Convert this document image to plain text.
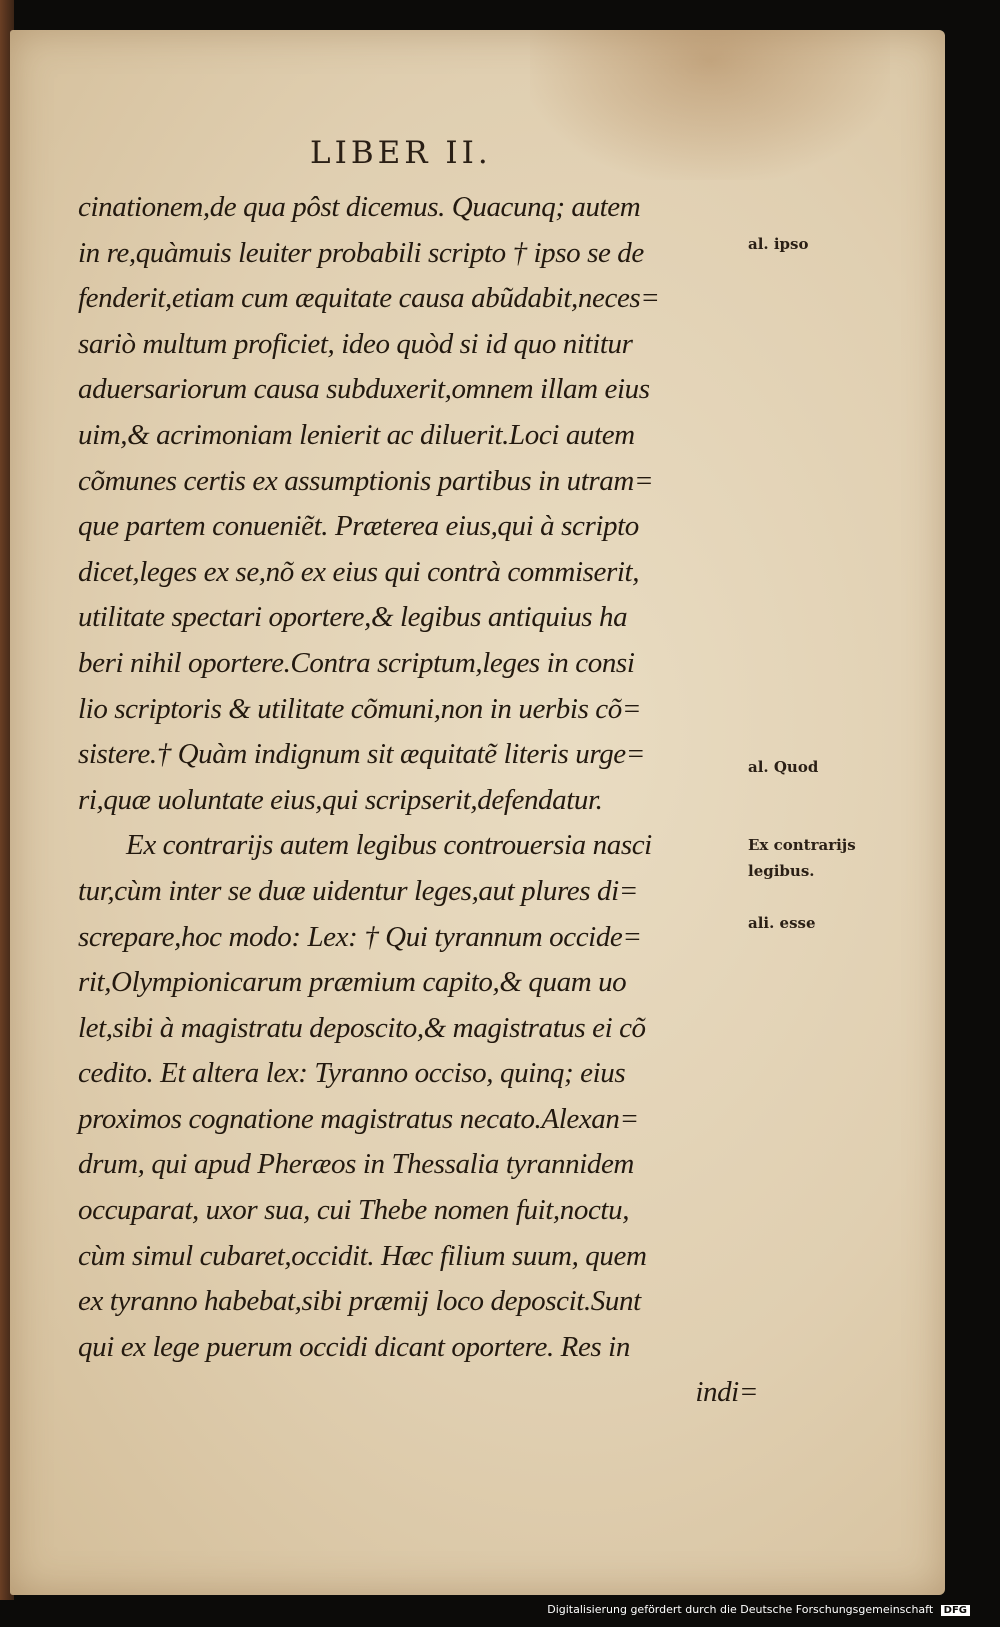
LIBER II.
cinationem,de qua pôst dicemus. Quacunq; autem
in re,quàmuis leuiter probabili scripto † ipso se de
fenderit,etiam cum æquitate causa abũdabit,neces=
sariò multum proficiet, ideo quòd si id quo nititur
aduersariorum causa subduxerit,omnem illam eius
uim,& acrimoniam lenierit ac diluerit.Loci autem
cõmunes certis ex assumptionis partibus in utram=
que partem conueniẽt. Præterea eius,qui à scripto
dicet,leges ex se,nõ ex eius qui contrà commiserit,
utilitate spectari oportere,& legibus antiquius ha
beri nihil oportere.Contra scriptum,leges in consi
lio scriptoris & utilitate cõmuni,non in uerbis cõ=
sistere.† Quàm indignum sit æquitatẽ literis urge=
ri,quæ uoluntate eius,qui scripserit,defendatur.
Ex contrarijs autem legibus controuersia nasci
tur,cùm inter se duæ uidentur leges,aut plures di=
screpare,hoc modo: Lex: † Qui tyrannum occide=
rit,Olympionicarum præmium capito,& quam uo
let,sibi à magistratu deposcito,& magistratus ei cõ
cedito. Et altera lex: Tyranno occiso, quinq; eius
proximos cognatione magistratus necato.Alexan=
drum, qui apud Pheræos in Thessalia tyrannidem
occuparat, uxor sua, cui Thebe nomen fuit,noctu,
cùm simul cubaret,occidit. Hæc filium suum, quem
ex tyranno habebat,sibi præmij loco deposcit.Sunt
qui ex lege puerum occidi dicant oportere. Res in
indi=
al. ipso
al. Quod
Ex contrarijs
legibus.
ali. esse
Digitalisierung gefördert durch die Deutsche Forschungsgemeinschaft DFG
